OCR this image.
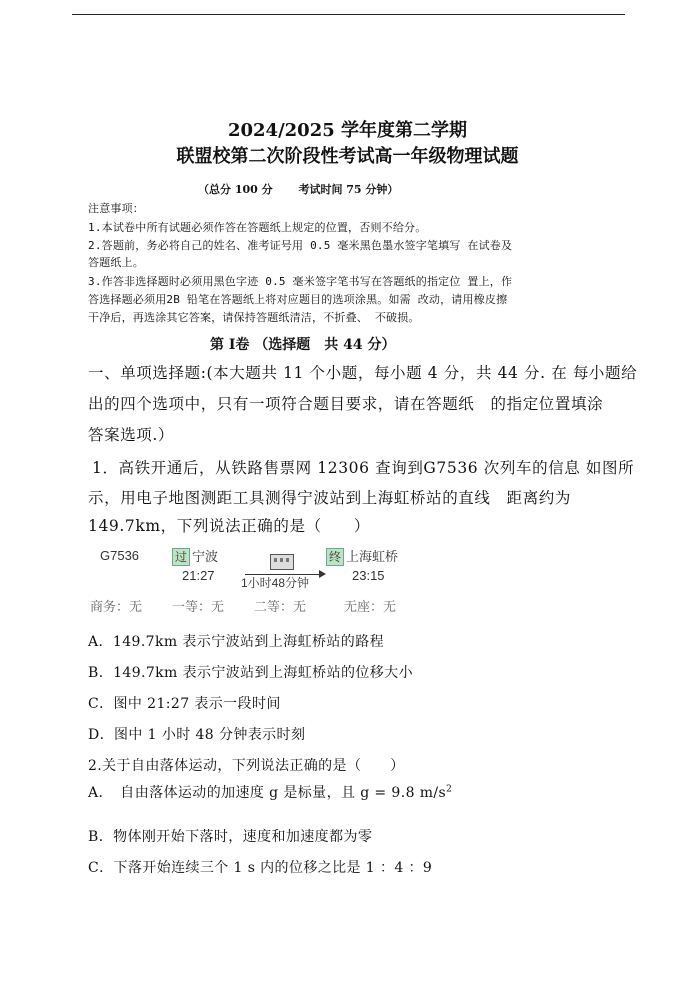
2024/2025 学年度第二学期
联盟校第二次阶段性考试高一年级物理试题
（总分 100 分　　 考试时间 75 分钟）
注意事项：
1.本试卷中所有试题必须作答在答题纸上规定的位置，否则不给分。
2.答题前，务必将自己的姓名、准考证号用 0.5 毫米黑色墨水签字笔填写 在试卷及
答题纸上。
3.作答非选择题时必须用黑色字迹 0.5 毫米签字笔书写在答题纸的指定位 置上，作
答选择题必须用2B 铅笔在答题纸上将对应题目的选项涂黑。如需 改动，请用橡皮擦
干净后，再选涂其它答案，请保持答题纸清洁，不折叠、 不破损。
第 I卷 （选择题　共 44 分）
一、单项选择题:(本大题共 11 个小题，每小题 4 分，共 44 分. 在 每小题给
出的四个选项中，只有一项符合题目要求，请在答题纸　的指定位置填涂
答案选项.）
1．高铁开通后，从铁路售票网 12306 查询到G7536 次列车的信息 如图所
示，用电子地图测距工具测得宁波站到上海虹桥站的直线　距离约为
149.7km，下列说法正确的是（　　）
G7536	过 宁波
21:27 1小时48分钟
终 上海虹桥
23:15
商务：无 一等：无 二等：无	无座：无
A．149.7km 表示宁波站到上海虹桥站的路程
B．149.7km 表示宁波站到上海虹桥站的位移大小
C．图中 21:27 表示一段时间
D．图中 1 小时 48 分钟表示时刻
2.关于自由落体运动，下列说法正确的是（　　）
A．　自由落体运动的加速度 g 是标量，且 g = 9.8 $m/s^2$
B．物体刚开始下落时，速度和加速度都为零
C．下落开始连续三个 1 s 内的位移之比是 1 ：4 ：9
